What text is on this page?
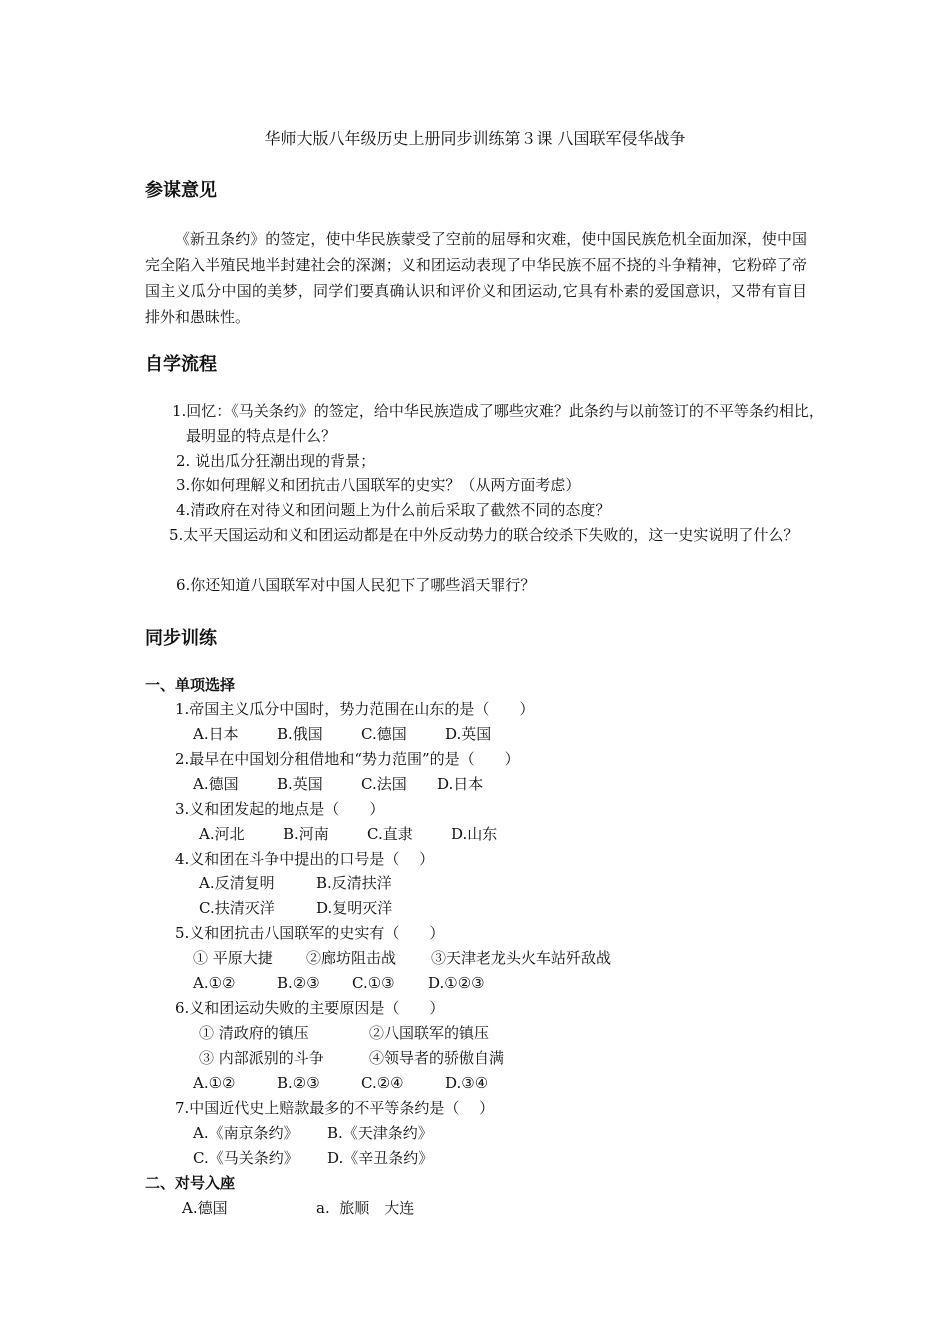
华师大版八年级历史上册同步训练第３课 八国联军侵华战争
参谋意见

《新丑条约》的签定，使中华民族蒙受了空前的屈辱和灾难，使中国民族危机全面加深，使中国完全陷入半殖民地半封建社会的深渊；义和团运动表现了中华民族不屈不挠的斗争精神，它粉碎了帝国主义瓜分中国的美梦，同学们要真确认识和评价义和团运动,它具有朴素的爱国意识，又带有盲目排外和愚昧性。

自学流程
1.回忆：《马关条约》的签定，给中华民族造成了哪些灾难？此条约与以前签订的不平等条约相比，最明显的特点是什么？
2. 说出瓜分狂潮出现的背景；
3.你如何理解义和团抗击八国联军的史实？（从两方面考虑）
4.清政府在对待义和团问题上为什么前后采取了截然不同的态度？
5.太平天国运动和义和团运动都是在中外反动势力的联合绞杀下失败的，这一史实说明了什么？
6.你还知道八国联军对中国人民犯下了哪些滔天罪行？
同步训练
一、单项选择
1.帝国主义瓜分中国时，势力范围在山东的是（　　）
A.日本	B.俄国	C.德国	D.英国
2.最早在中国划分租借地和“势力范围”的是（　　）
A.德国	B.英国	C.法国 D.日本
3.义和团发起的地点是（　　）
A.河北	B.河南	C.直隶	D.山东
4.义和团在斗争中提出的口号是（　 ）
A.反清复明	B.反清扶洋
C.扶清灭洋	D.复明灭洋
5.义和团抗击八国联军的史实有（　　）
① 平原大捷 ②廊坊阻击战 ③天津老龙头火车站歼敌战
A.①②	B.②③ C.①③ D.①②③
6.义和团运动失败的主要原因是（　　）
① 清政府的镇压	②八国联军的镇压
③ 内部派别的斗争	④领导者的骄傲自满
A.①②	B.②③	C.②④	D.③④
7.中国近代史上赔款最多的不平等条约是（　 ）
A.《南京条约》 B.《天津条约》
C.《马关条约》 D.《辛丑条约》
二、对号入座
A.德国	a.  旅顺　大连
